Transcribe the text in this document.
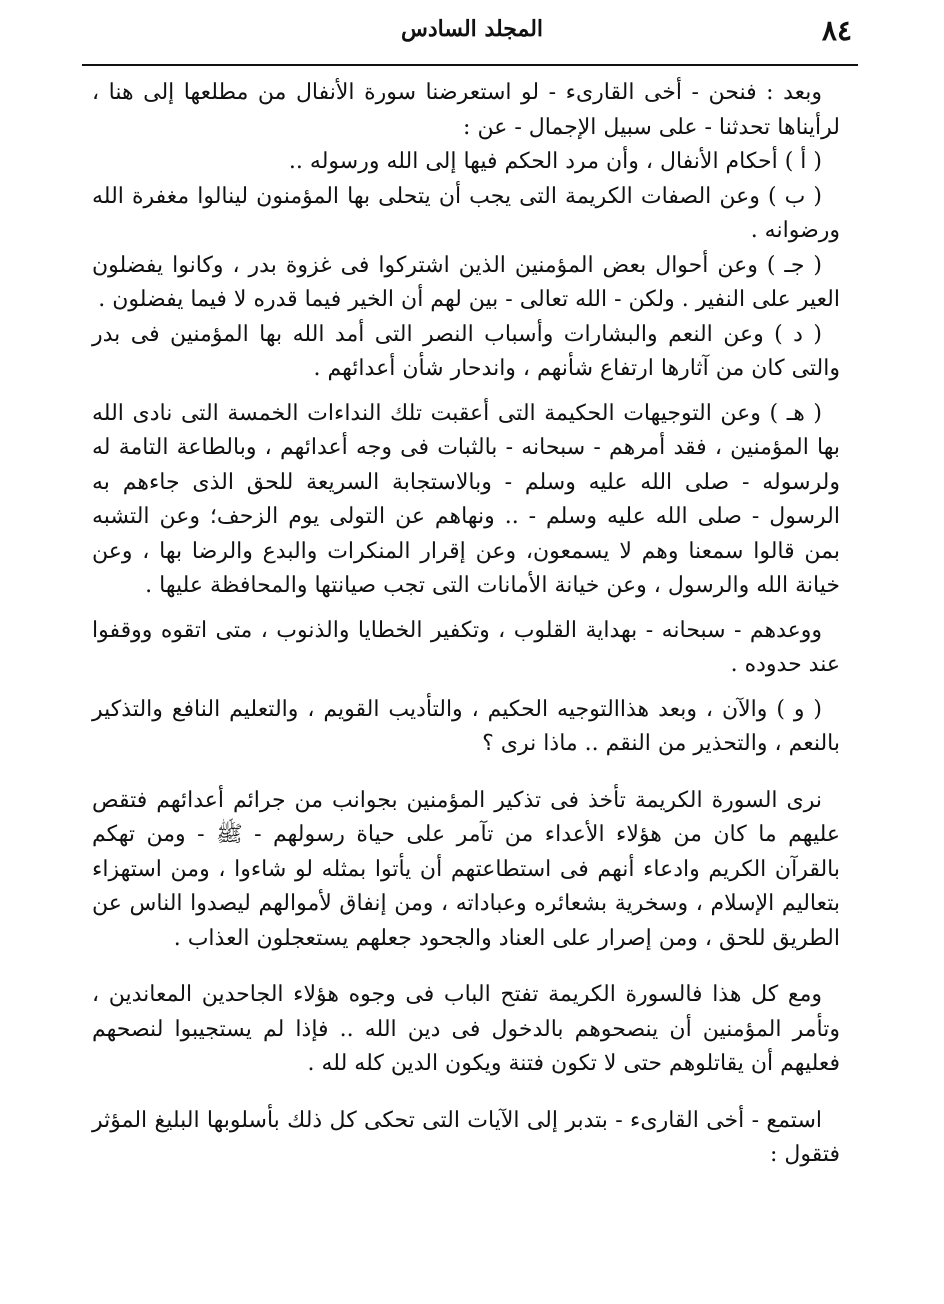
٨٤
المجلد السادس

وبعد : فنحن - أخى القارىء - لو استعرضنا سورة الأنفال من مطلعها إلى هنا ، لرأيناها تحدثنا - على سبيل الإجمال - عن :

( أ ) أحكام الأنفال ، وأن مرد الحكم فيها إلى الله ورسوله ..

( ب ) وعن الصفات الكريمة التى يجب أن يتحلى بها المؤمنون لينالوا مغفرة الله ورضوانه .

( جـ ) وعن أحوال بعض المؤمنين الذين اشتركوا فى غزوة بدر ، وكانوا يفضلون العير على النفير . ولكن - الله تعالى - بين لهم أن الخير فيما قدره لا فيما يفضلون .

( د ) وعن النعم والبشارات وأسباب النصر التى أمد الله بها المؤمنين فى بدر والتى كان من آثارها ارتفاع شأنهم ، واندحار شأن أعدائهم .

( هـ ) وعن التوجيهات الحكيمة التى أعقبت تلك النداءات الخمسة التى نادى الله بها المؤمنين ، فقد أمرهم - سبحانه - بالثبات فى وجه أعدائهم ، وبالطاعة التامة له ولرسوله - صلى الله عليه وسلم - وبالاستجابة السريعة للحق الذى جاءهم به الرسول - صلى الله عليه وسلم - .. ونهاهم عن التولى يوم الزحف؛ وعن التشبه بمن قالوا سمعنا وهم لا يسمعون، وعن إقرار المنكرات والبدع والرضا بها ، وعن خيانة الله والرسول ، وعن خيانة الأمانات التى تجب صيانتها والمحافظة عليها .

ووعدهم - سبحانه - بهداية القلوب ، وتكفير الخطايا والذنوب ، متى اتقوه ووقفوا عند حدوده .

( و ) والآن ، وبعد هذاالتوجيه الحكيم ، والتأديب القويم ، والتعليم النافع والتذكير بالنعم ، والتحذير من النقم .. ماذا نرى ؟

نرى السورة الكريمة تأخذ فى تذكير المؤمنين بجوانب من جرائم أعدائهم فتقص عليهم ما كان من هؤلاء الأعداء من تآمر على حياة رسولهم - ﷺ - ومن تهكم بالقرآن الكريم وادعاء أنهم فى استطاعتهم أن يأتوا بمثله لو شاءوا ، ومن استهزاء بتعاليم الإسلام ، وسخرية بشعائره وعباداته ، ومن إنفاق لأموالهم ليصدوا الناس عن الطريق للحق ، ومن إصرار على العناد والجحود جعلهم يستعجلون العذاب .

ومع كل هذا فالسورة الكريمة تفتح الباب فى وجوه هؤلاء الجاحدين المعاندين ، وتأمر المؤمنين أن ينصحوهم بالدخول فى دين الله .. فإذا لم يستجيبوا لنصحهم فعليهم أن يقاتلوهم حتى لا تكون فتنة ويكون الدين كله لله .

استمع - أخى القارىء - بتدبر إلى الآيات التى تحكى كل ذلك بأسلوبها البليغ المؤثر فتقول :
